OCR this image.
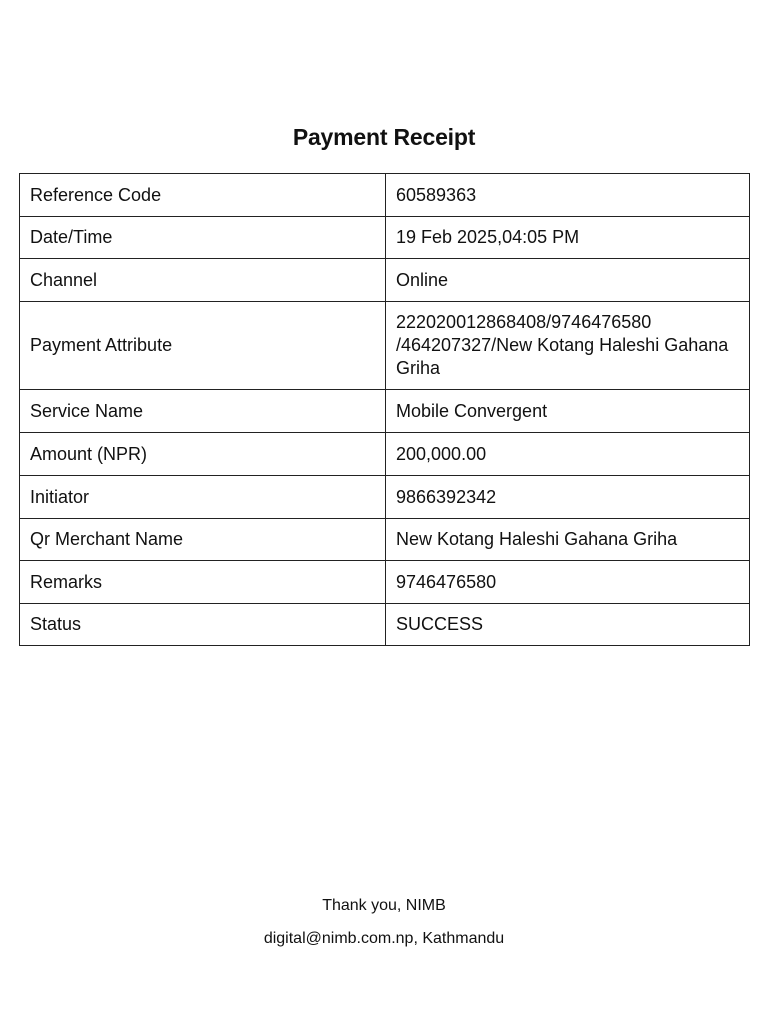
Payment Receipt
Reference Code	60589363
Date/Time	19 Feb 2025,04:05 PM
Channel	Online
Payment Attribute	222020012868408/9746476580 /464207327/New Kotang Haleshi Gahana Griha
Service Name	Mobile Convergent
Amount (NPR)	200,000.00
Initiator	9866392342
Qr Merchant Name	New Kotang Haleshi Gahana Griha
Remarks	9746476580
Status	SUCCESS
Thank you, NIMB
digital@nimb.com.np, Kathmandu
